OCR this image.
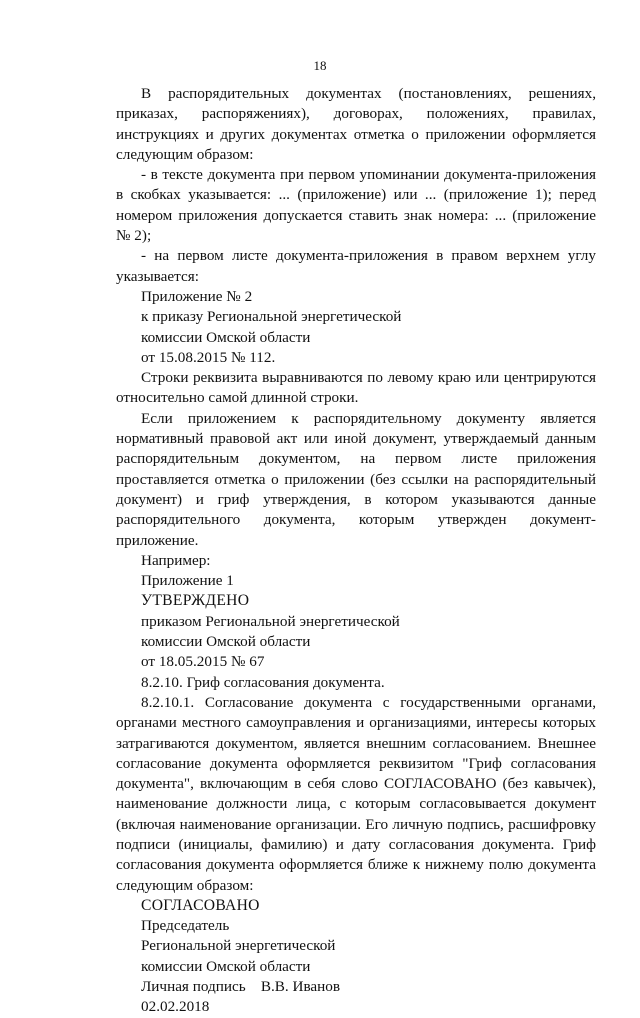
18

В распорядительных документах (постановлениях, решениях, приказах, распоряжениях), договорах, положениях, правилах, инструкциях и других документах отметка о приложении оформляется следующим образом:

- в тексте документа при первом упоминании документа-приложения в скобках указывается: ... (приложение) или ... (приложение 1); перед номером приложения допускается ставить знак номера: ... (приложение № 2);

- на первом листе документа-приложения в правом верхнем углу указывается:

Приложение № 2

к приказу Региональной энергетической

комиссии Омской области

от 15.08.2015 № 112.

Строки реквизита выравниваются по левому краю или центрируются относительно самой длинной строки.

Если приложением к распорядительному документу является нормативный правовой акт или иной документ, утверждаемый данным распорядительным документом, на первом листе приложения проставляется отметка о приложении (без ссылки на распорядительный документ) и гриф утверждения, в котором указываются данные распорядительного документа, которым утвержден документ-приложение.

Например:

Приложение 1

УТВЕРЖДЕНО

приказом Региональной энергетической

комиссии Омской области

от 18.05.2015 № 67

8.2.10. Гриф согласования документа.

8.2.10.1. Согласование документа с государственными органами, органами местного самоуправления и организациями, интересы которых затрагиваются документом, является внешним согласованием. Внешнее согласование документа оформляется реквизитом "Гриф согласования документа", включающим в себя слово СОГЛАСОВАНО (без кавычек), наименование должности лица, с которым согласовывается документ (включая наименование организации. Его личную подпись, расшифровку подписи (инициалы, фамилию) и дату согласования документа. Гриф согласования документа оформляется ближе к нижнему полю документа следующим образом:

СОГЛАСОВАНО

Председатель

Региональной энергетической

комиссии Омской области

Личная подпись    В.В. Иванов

02.02.2018
